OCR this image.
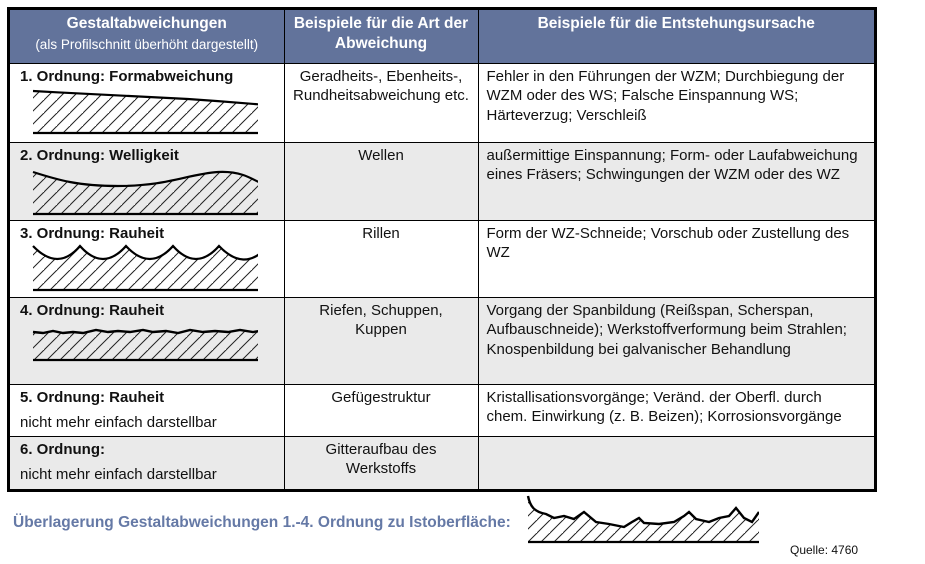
Gestaltabweichungen
(als Profilschnitt überhöht dargestellt)	Beispiele für die Art der Abweichung	Beispiele für die Entstehungsursache

1. Ordnung: Formabweichung	Geradheits-, Ebenheits-, Rundheitsabweichung etc.	Fehler in den Führungen der WZM; Durchbiegung der WZM oder des WS; Falsche Einspannung WS; Härteverzug; Verschleiß

2. Ordnung: Welligkeit	Wellen	außermittige Einspannung; Form- oder Laufabweichung eines Fräsers; Schwingungen der WZM oder des WZ

3. Ordnung: Rauheit	Rillen	Form der WZ-Schneide; Vorschub oder Zustellung des WZ

4. Ordnung: Rauheit	Riefen, Schuppen, Kuppen	Vorgang der Spanbildung (Reißspan, Scherspan, Aufbauschneide); Werkstoffverformung beim Strahlen; Knospenbildung bei galvanischer Behandlung

5. Ordnung: Rauheit
nicht mehr einfach darstellbar	Gefügestruktur	Kristallisationsvorgänge; Veränd. der Oberfl. durch chem. Einwirkung (z. B. Beizen); Korrosionsvorgänge

6. Ordnung:
nicht mehr einfach darstellbar	Gitteraufbau des Werkstoffs	
Überlagerung Gestaltabweichungen 1.-4. Ordnung zu Istoberfläche:
Quelle: 4760
